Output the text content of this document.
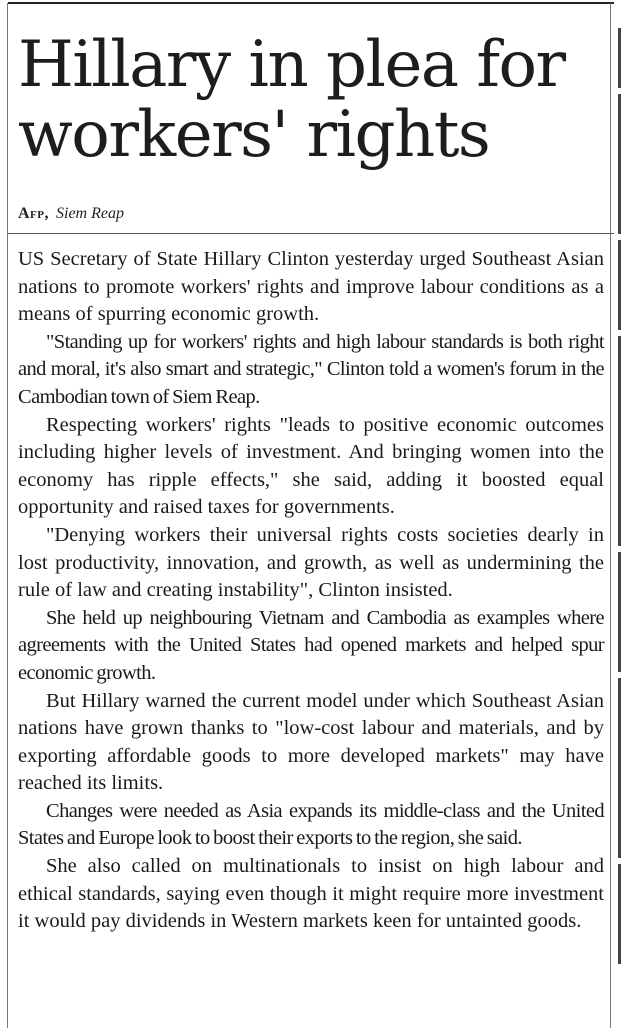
Hillary in plea for workers' rights
Afp, Siem Reap

US Secretary of State Hillary Clinton yesterday urged Southeast Asian nations to promote workers' rights and improve labour conditions as a means of spurring economic growth.

"Standing up for workers' rights and high labour standards is both right and moral, it's also smart and strategic," Clinton told a women's forum in the Cambodian town of Siem Reap.

Respecting workers' rights "leads to positive economic outcomes including higher levels of investment. And bringing women into the economy has ripple effects," she said, adding it boosted equal opportunity and raised taxes for governments.

"Denying workers their universal rights costs societies dearly in lost productivity, innovation, and growth, as well as undermining the rule of law and creating instability", Clinton insisted.

She held up neighbouring Vietnam and Cambodia as examples where agreements with the United States had opened markets and helped spur economic growth.

But Hillary warned the current model under which Southeast Asian nations have grown thanks to "low-cost labour and materials, and by exporting affordable goods to more developed markets" may have reached its limits.

Changes were needed as Asia expands its middle-class and the United States and Europe look to boost their exports to the region, she said.

She also called on multinationals to insist on high labour and ethical standards, saying even though it might require more investment it would pay dividends in Western markets keen for untainted goods.
